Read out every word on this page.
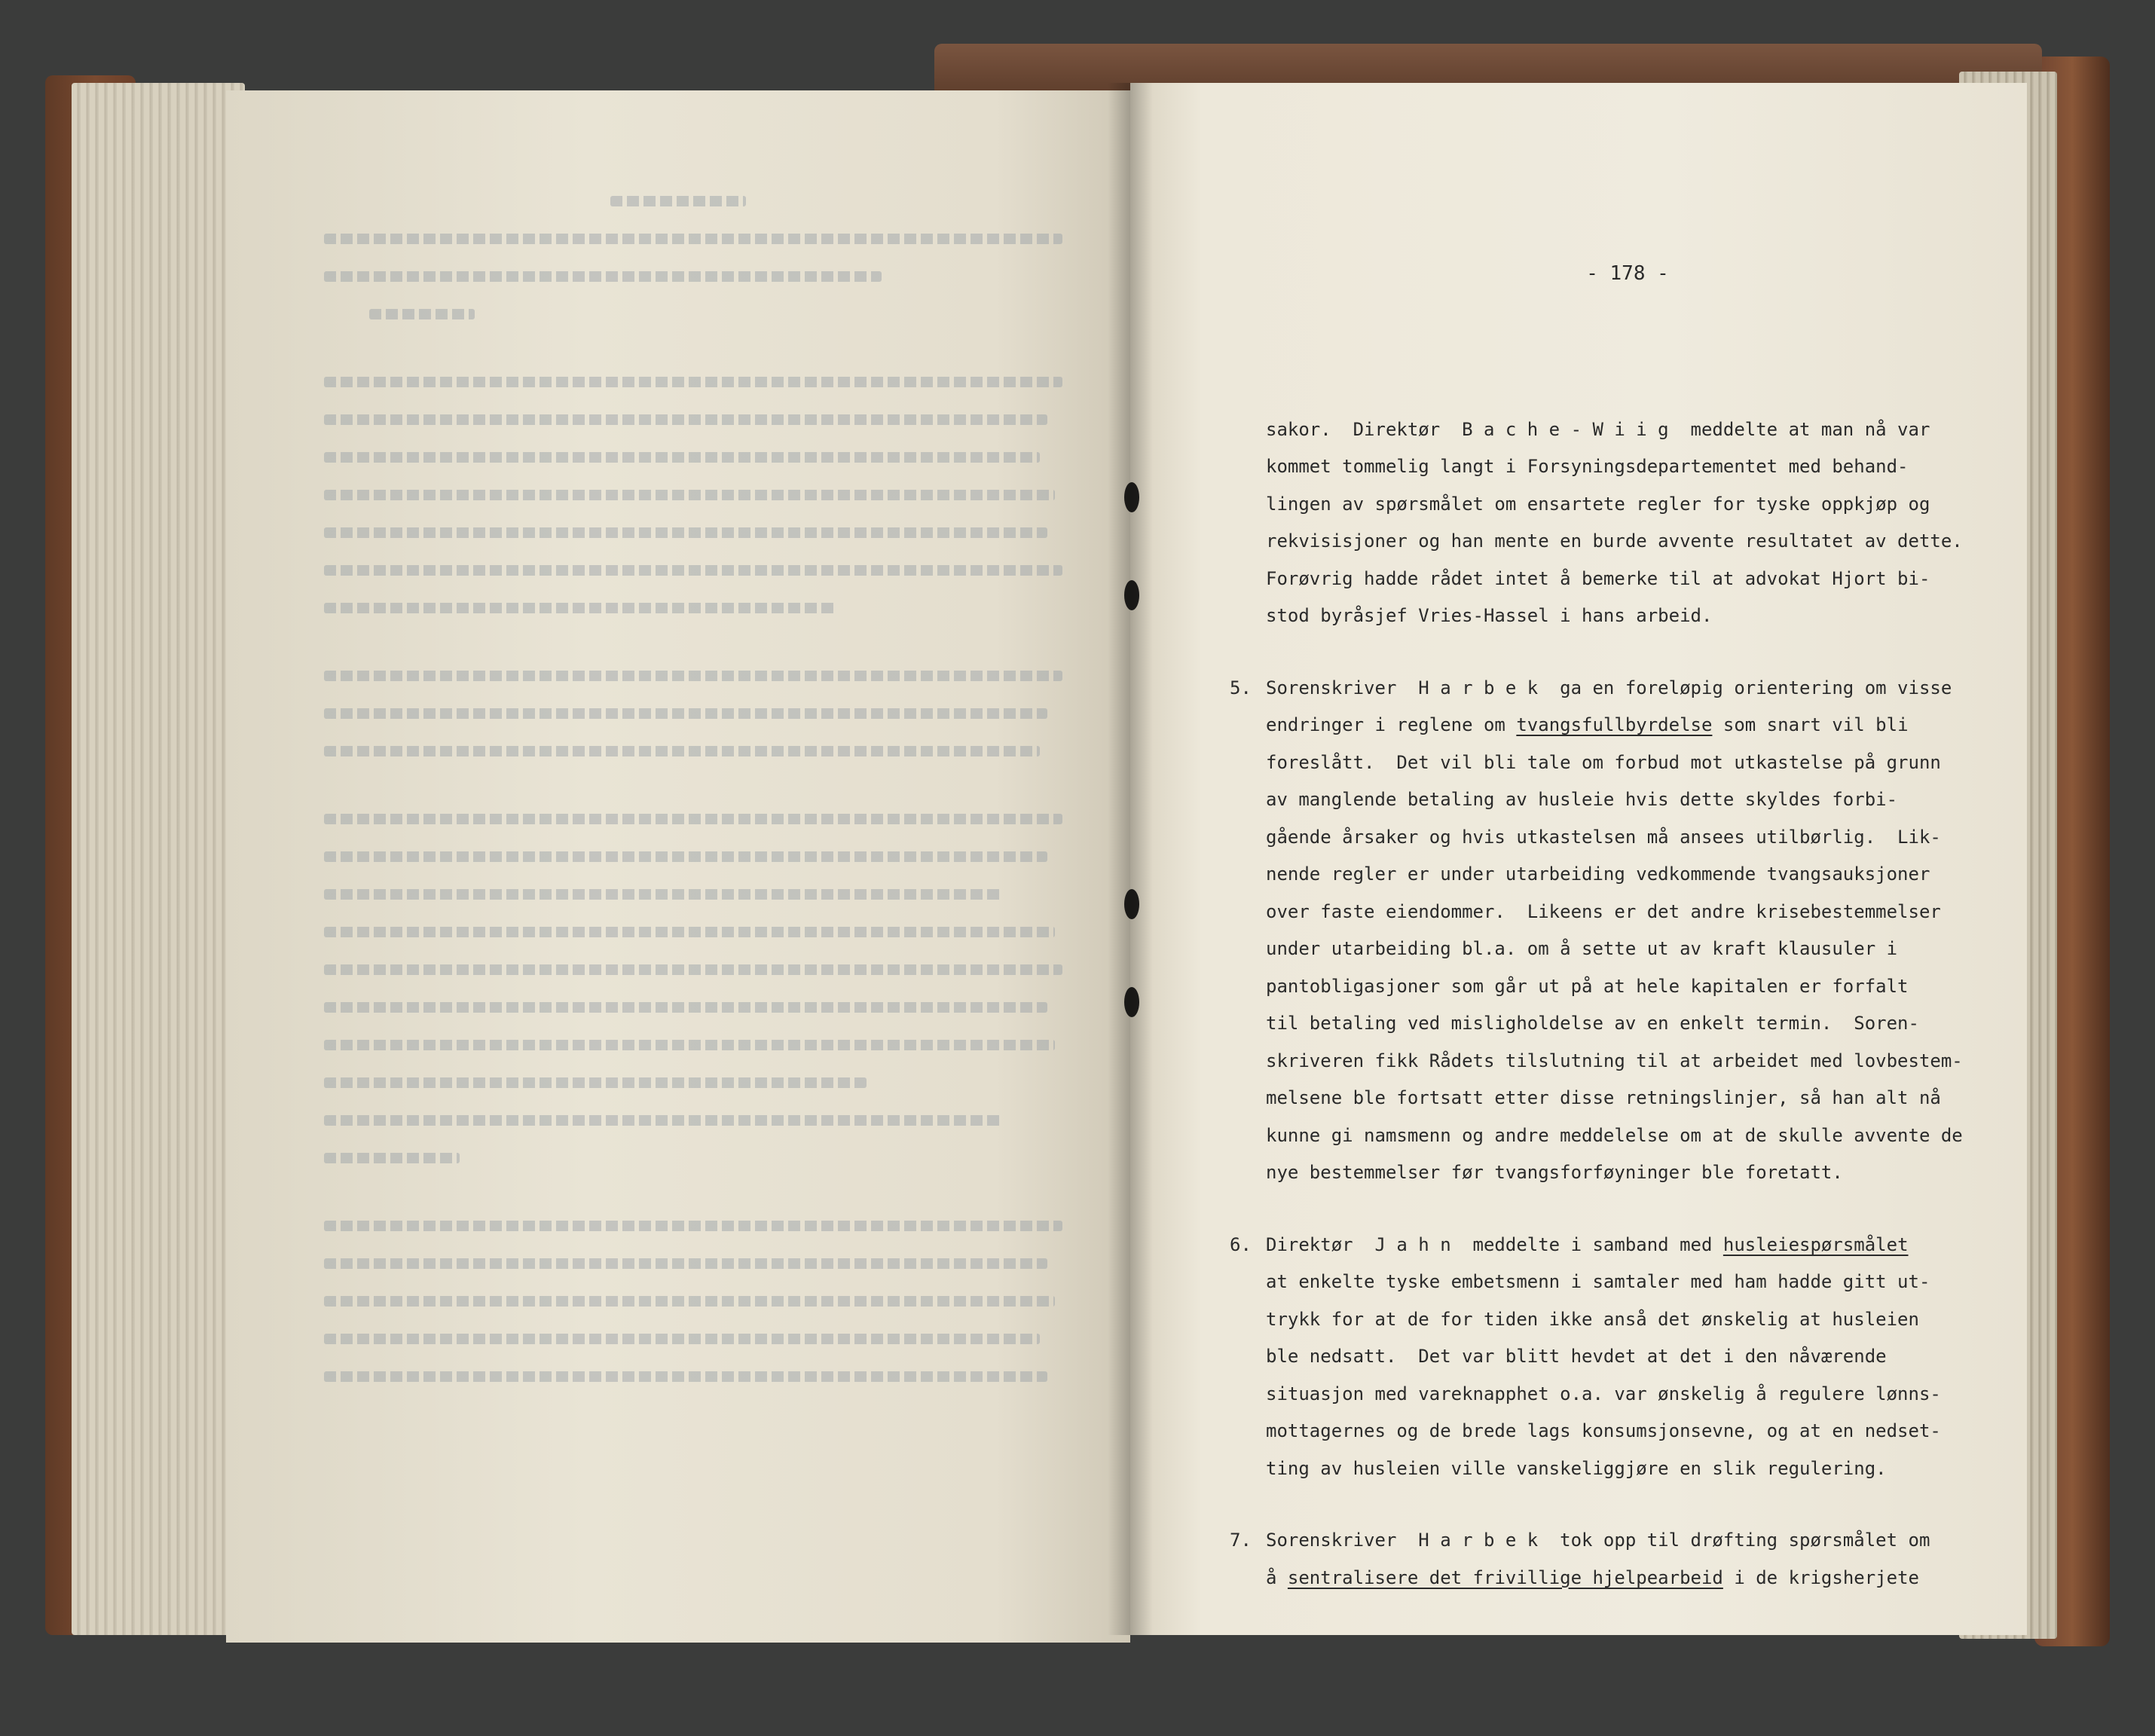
- 178 -

sakor.  Direktør  B a c h e - W i i g  meddelte at man nå var
kommet tommelig langt i Forsyningsdepartementet med behand-
lingen av spørsmålet om ensartete regler for tyske oppkjøp og
rekvisisjoner og han mente en burde avvente resultatet av dette.
Forøvrig hadde rådet intet å bemerke til at advokat Hjort bi-
stod byråsjef Vries-Hassel i hans arbeid.
5. Sorenskriver  H a r b e k  ga en foreløpig orientering om visse
endringer i reglene om tvangsfullbyrdelse som snart vil bli
foreslått.  Det vil bli tale om forbud mot utkastelse på grunn
av manglende betaling av husleie hvis dette skyldes forbi-
gående årsaker og hvis utkastelsen må ansees utilbørlig.  Lik-
nende regler er under utarbeiding vedkommende tvangsauksjoner
over faste eiendommer.  Likeens er det andre krisebestemmelser
under utarbeiding bl.a. om å sette ut av kraft klausuler i
pantobligasjoner som går ut på at hele kapitalen er forfalt
til betaling ved misligholdelse av en enkelt termin.  Soren-
skriveren fikk Rådets tilslutning til at arbeidet med lovbestem-
melsene ble fortsatt etter disse retningslinjer, så han alt nå
kunne gi namsmenn og andre meddelelse om at de skulle avvente de
nye bestemmelser før tvangsforføyninger ble foretatt.
6. Direktør  J a h n  meddelte i samband med husleiespørsmålet
at enkelte tyske embetsmenn i samtaler med ham hadde gitt ut-
trykk for at de for tiden ikke anså det ønskelig at husleien
ble nedsatt.  Det var blitt hevdet at det i den nåværende
situasjon med vareknapphet o.a. var ønskelig å regulere lønns-
mottagernes og de brede lags konsumsjonsevne, og at en nedset-
ting av husleien ville vanskeliggjøre en slik regulering.
7. Sorenskriver  H a r b e k  tok opp til drøfting spørsmålet om
å sentralisere det frivillige hjelpearbeid i de krigsherjete
